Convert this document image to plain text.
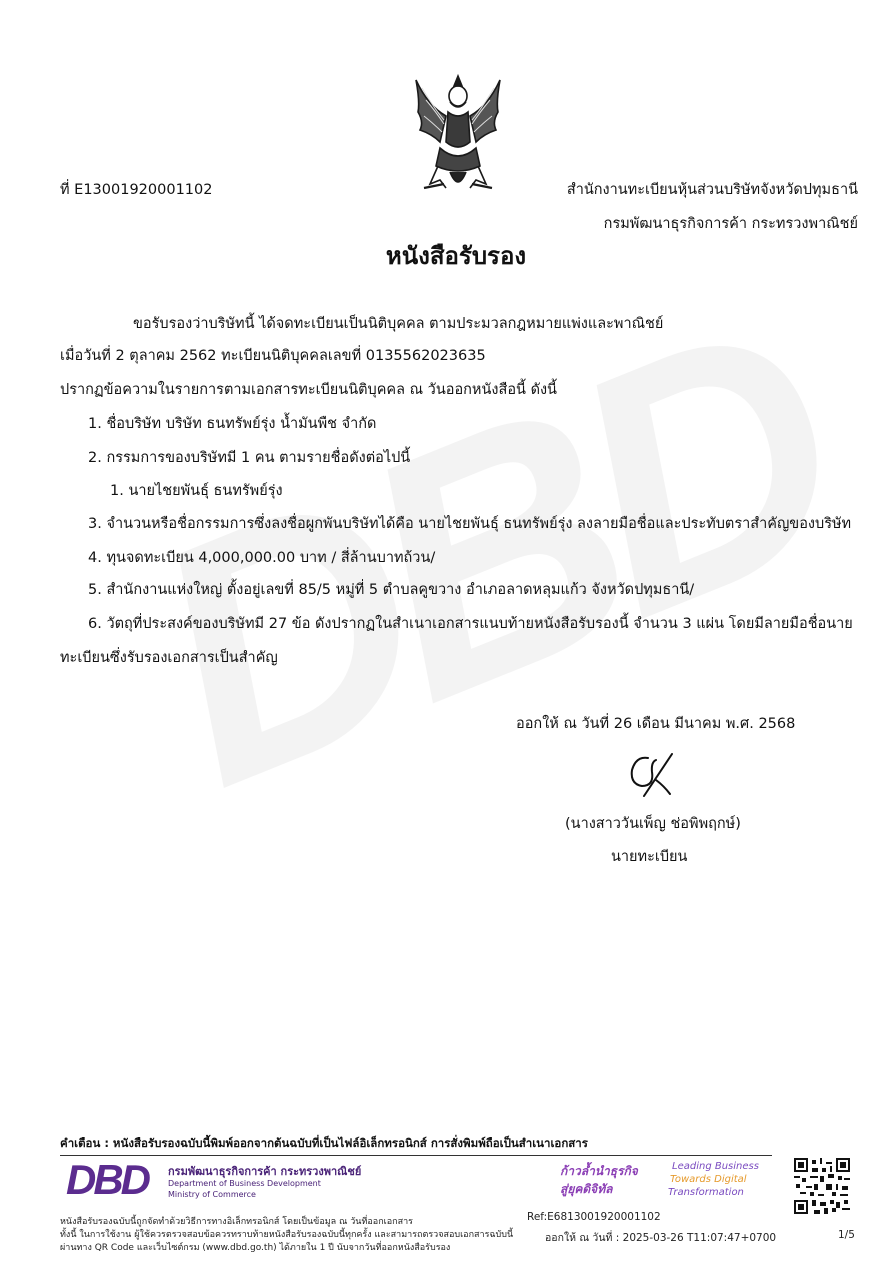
ที่ E13001920001102	สำนักงานทะเบียนหุ้นส่วนบริษัทจังหวัดปทุมธานี
กรมพัฒนาธุรกิจการค้า กระทรวงพาณิชย์
หนังสือรับรอง
ขอรับรองว่าบริษัทนี้ ได้จดทะเบียนเป็นนิติบุคคล ตามประมวลกฎหมายแพ่งและพาณิชย์
เมื่อวันที่ 2 ตุลาคม 2562 ทะเบียนนิติบุคคลเลขที่ 0135562023635
ปรากฏข้อความในรายการตามเอกสารทะเบียนนิติบุคคล ณ วันออกหนังสือนี้ ดังนี้
1. ชื่อบริษัท บริษัท ธนทรัพย์รุ่ง น้ำมันพืช จำกัด
2. กรรมการของบริษัทมี 1 คน ตามรายชื่อดังต่อไปนี้
1. นายไชยพันธุ์ ธนทรัพย์รุ่ง
3. จำนวนหรือชื่อกรรมการซึ่งลงชื่อผูกพันบริษัทได้คือ นายไชยพันธุ์ ธนทรัพย์รุ่ง ลงลายมือชื่อและประทับตราสำคัญของบริษัท
4. ทุนจดทะเบียน 4,000,000.00 บาท / สี่ล้านบาทถ้วน/
5. สำนักงานแห่งใหญ่ ตั้งอยู่เลขที่ 85/5 หมู่ที่ 5 ตำบลคูขวาง อำเภอลาดหลุมแก้ว จังหวัดปทุมธานี/
6. วัตถุที่ประสงค์ของบริษัทมี 27 ข้อ ดังปรากฏในสำเนาเอกสารแนบท้ายหนังสือรับรองนี้ จำนวน 3 แผ่น โดยมีลายมือชื่อนาย
ทะเบียนซึ่งรับรองเอกสารเป็นสำคัญ
ออกให้ ณ วันที่ 26 เดือน มีนาคม พ.ศ. 2568
(นางสาววันเพ็ญ ช่อพิพฤกษ์)
นายทะเบียน
คำเตือน : หนังสือรับรองฉบับนี้พิมพ์ออกจากต้นฉบับที่เป็นไฟล์อิเล็กทรอนิกส์ การสั่งพิมพ์ถือเป็นสำเนาเอกสาร
DBD กรมพัฒนาธุรกิจการค้า กระทรวงพาณิชย์
Department of Business Development
Ministry of Commerce
ก้าวล้ำนำธุรกิจ
สู่ยุคดิจิทัล
Leading Business
Towards Digital
Transformation
หนังสือรับรองฉบับนี้ถูกจัดทำด้วยวิธีการทางอิเล็กทรอนิกส์ โดยเป็นข้อมูล ณ วันที่ออกเอกสาร
ทั้งนี้ ในการใช้งาน ผู้ใช้ควรตรวจสอบข้อควรทราบท้ายหนังสือรับรองฉบับนี้ทุกครั้ง และสามารถตรวจสอบเอกสารฉบับนี้
ผ่านทาง QR Code และเว็บไซต์กรม (www.dbd.go.th) ได้ภายใน 1 ปี นับจากวันที่ออกหนังสือรับรอง
Ref:E6813001920001102
ออกให้ ณ วันที่ : 2025-03-26 T11:07:47+0700	1/5
